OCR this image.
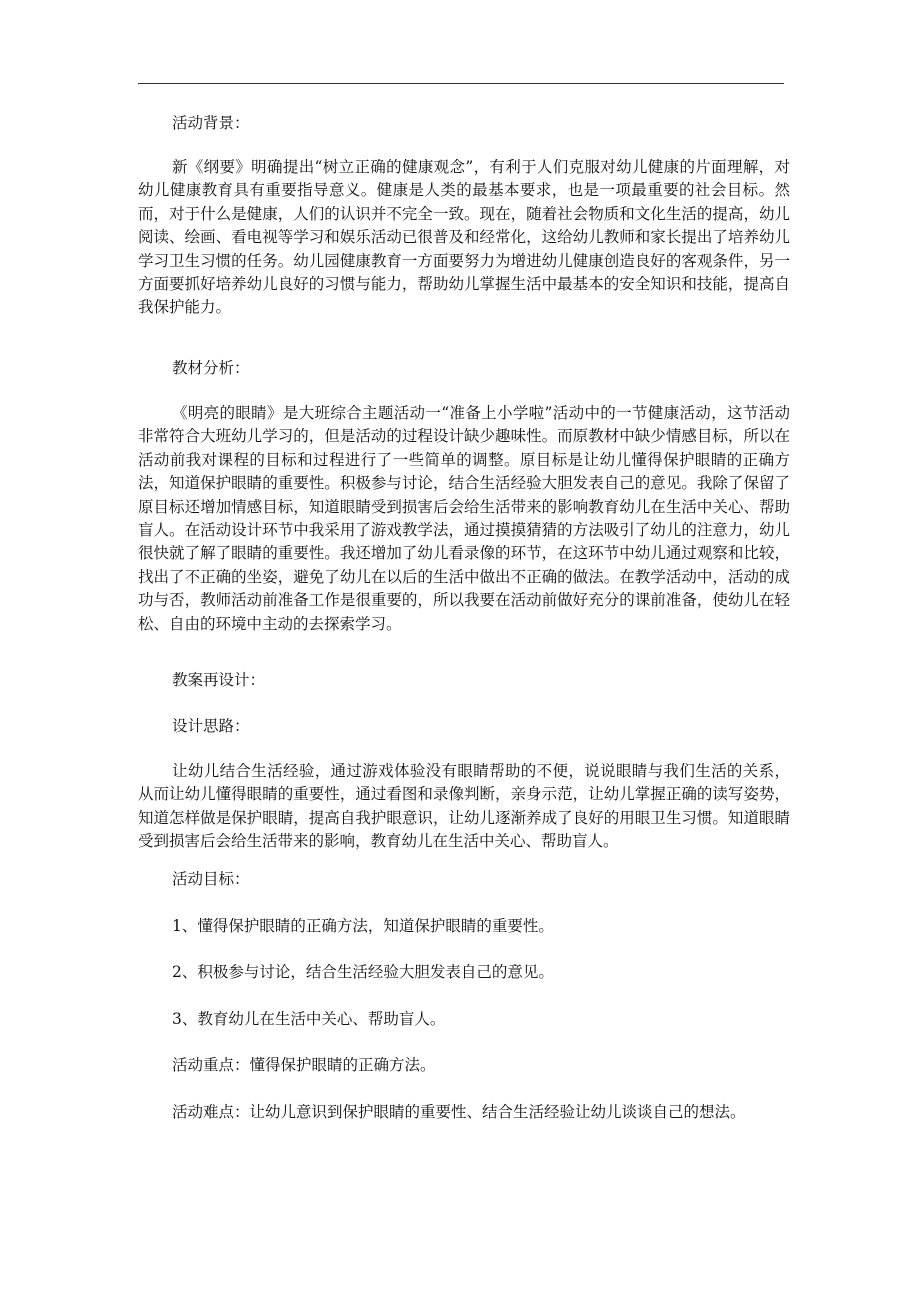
活动背景：

新《纲要》明确提出“树立正确的健康观念”，有利于人们克服对幼儿健康的片面理解，对幼儿健康教育具有重要指导意义。健康是人类的最基本要求，也是一项最重要的社会目标。然而，对于什么是健康，人们的认识并不完全一致。现在，随着社会物质和文化生活的提高，幼儿阅读、绘画、看电视等学习和娱乐活动已很普及和经常化，这给幼儿教师和家长提出了培养幼儿学习卫生习惯的任务。幼儿园健康教育一方面要努力为增进幼儿健康创造良好的客观条件，另一方面要抓好培养幼儿良好的习惯与能力，帮助幼儿掌握生活中最基本的安全知识和技能，提高自我保护能力。

教材分析：

《明亮的眼睛》是大班综合主题活动一“准备上小学啦”活动中的一节健康活动，这节活动非常符合大班幼儿学习的，但是活动的过程设计缺少趣味性。而原教材中缺少情感目标，所以在活动前我对课程的目标和过程进行了一些简单的调整。原目标是让幼儿懂得保护眼睛的正确方法，知道保护眼睛的重要性。积极参与讨论，结合生活经验大胆发表自己的意见。我除了保留了原目标还增加情感目标，知道眼睛受到损害后会给生活带来的影响教育幼儿在生活中关心、帮助盲人。在活动设计环节中我采用了游戏教学法，通过摸摸猜猜的方法吸引了幼儿的注意力，幼儿很快就了解了眼睛的重要性。我还增加了幼儿看录像的环节，在这环节中幼儿通过观察和比较，找出了不正确的坐姿，避免了幼儿在以后的生活中做出不正确的做法。在教学活动中，活动的成功与否，教师活动前准备工作是很重要的，所以我要在活动前做好充分的课前准备，使幼儿在轻松、自由的环境中主动的去探索学习。

教案再设计：

设计思路：

让幼儿结合生活经验，通过游戏体验没有眼睛帮助的不便，说说眼睛与我们生活的关系，从而让幼儿懂得眼睛的重要性，通过看图和录像判断，亲身示范，让幼儿掌握正确的读写姿势，知道怎样做是保护眼睛，提高自我护眼意识，让幼儿逐渐养成了良好的用眼卫生习惯。知道眼睛受到损害后会给生活带来的影响，教育幼儿在生活中关心、帮助盲人。

活动目标：

1、懂得保护眼睛的正确方法，知道保护眼睛的重要性。

2、积极参与讨论，结合生活经验大胆发表自己的意见。

3、教育幼儿在生活中关心、帮助盲人。

活动重点：懂得保护眼睛的正确方法。

活动难点：让幼儿意识到保护眼睛的重要性、结合生活经验让幼儿谈谈自己的想法。
